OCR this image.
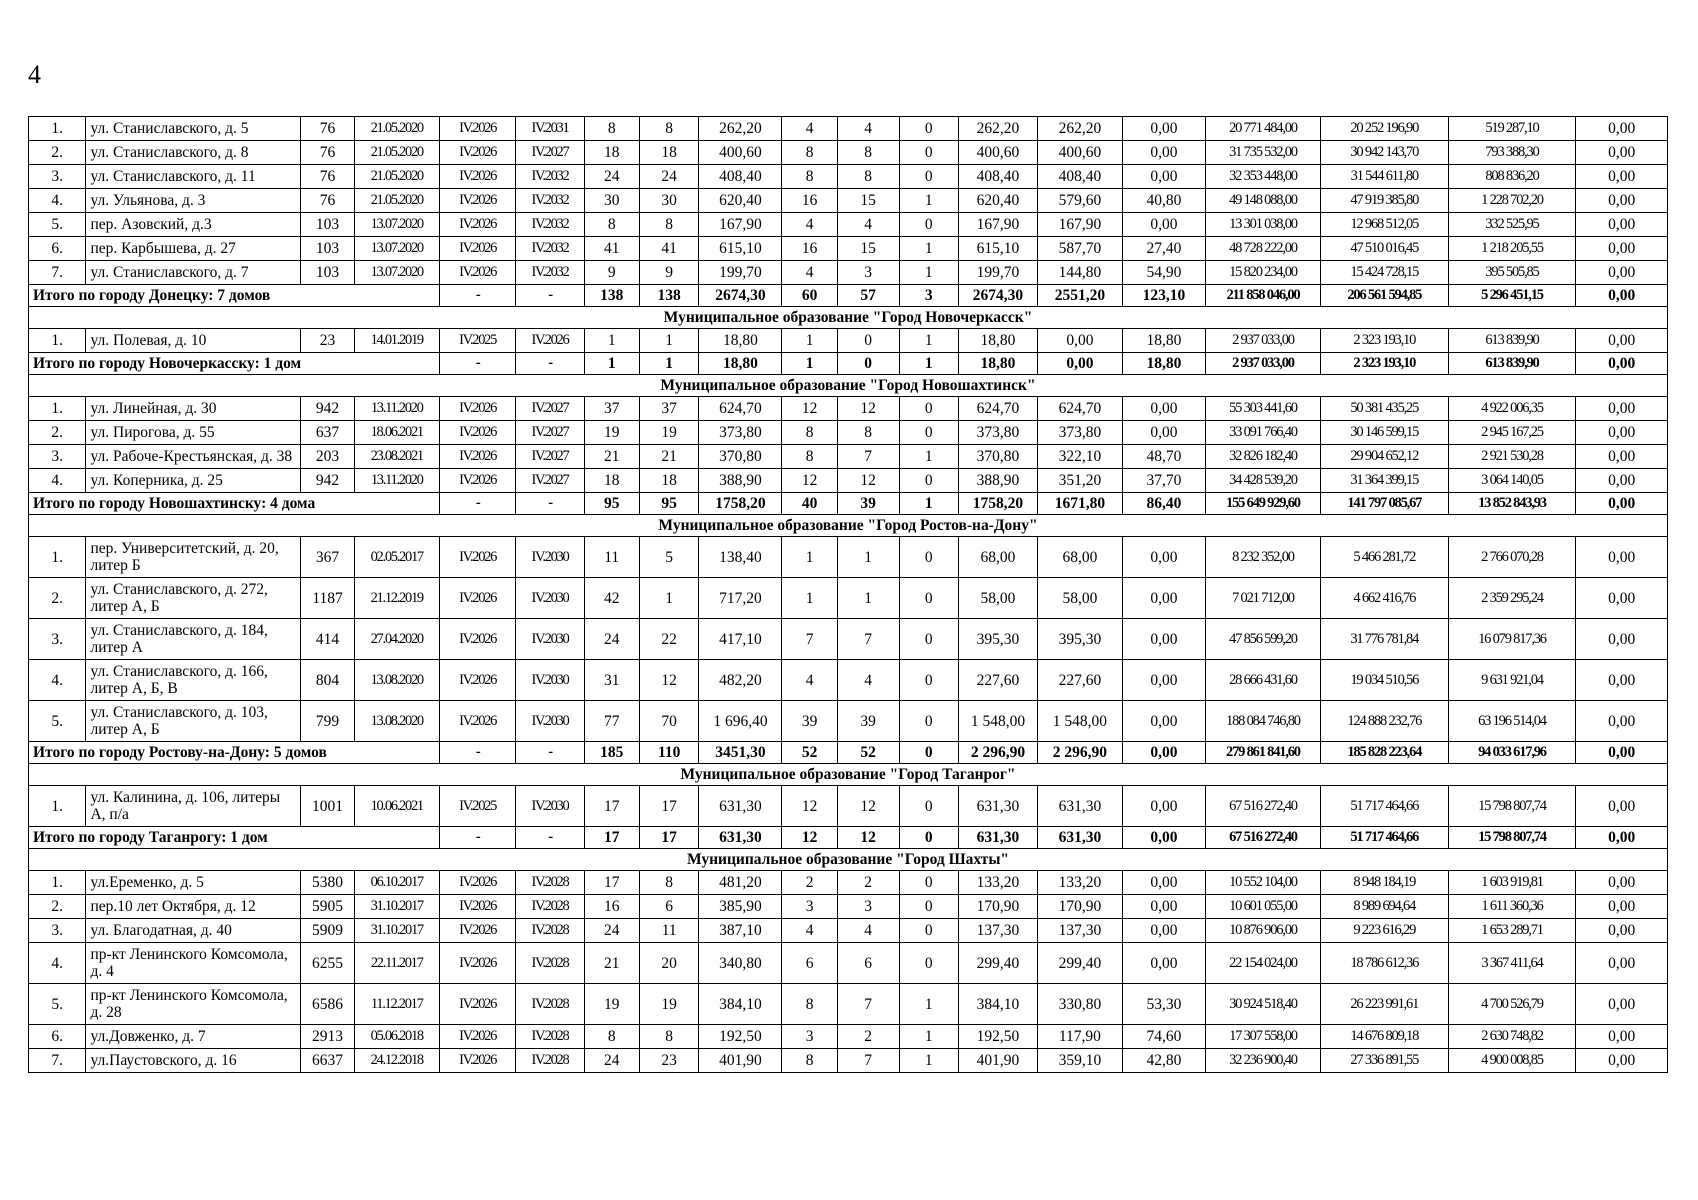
4
1.	ул. Станиславского, д. 5	76	21.05.2020	IV.2026	IV.2031	8	8	262,20	4	4	0	262,20	262,20	0,00	20 771 484,00	20 252 196,90	519 287,10	0,00
2.	ул. Станиславского, д. 8	76	21.05.2020	IV.2026	IV.2027	18	18	400,60	8	8	0	400,60	400,60	0,00	31 735 532,00	30 942 143,70	793 388,30	0,00
3.	ул. Станиславского, д. 11	76	21.05.2020	IV.2026	IV.2032	24	24	408,40	8	8	0	408,40	408,40	0,00	32 353 448,00	31 544 611,80	808 836,20	0,00
4.	ул. Ульянова, д. 3	76	21.05.2020	IV.2026	IV.2032	30	30	620,40	16	15	1	620,40	579,60	40,80	49 148 088,00	47 919 385,80	1 228 702,20	0,00
5.	пер. Азовский, д.3	103	13.07.2020	IV.2026	IV.2032	8	8	167,90	4	4	0	167,90	167,90	0,00	13 301 038,00	12 968 512,05	332 525,95	0,00
6.	пер. Карбышева, д. 27	103	13.07.2020	IV.2026	IV.2032	41	41	615,10	16	15	1	615,10	587,70	27,40	48 728 222,00	47 510 016,45	1 218 205,55	0,00
7.	ул. Станиславского, д. 7	103	13.07.2020	IV.2026	IV.2032	9	9	199,70	4	3	1	199,70	144,80	54,90	15 820 234,00	15 424 728,15	395 505,85	0,00
Итого по городу Донецку: 7 домов				-	-	138	138	2674,30	60	57	3	2674,30	2551,20	123,10	211 858 046,00	206 561 594,85	5 296 451,15	0,00
Муниципальное образование "Город Новочеркасск"																		
1.	ул. Полевая, д. 10	23	14.01.2019	IV.2025	IV.2026	1	1	18,80	1	0	1	18,80	0,00	18,80	2 937 033,00	2 323 193,10	613 839,90	0,00
Итого по городу Новочеркасску: 1 дом				-	-	1	1	18,80	1	0	1	18,80	0,00	18,80	2 937 033,00	2 323 193,10	613 839,90	0,00
Муниципальное образование "Город Новошахтинск"																		
1.	ул. Линейная, д. 30	942	13.11.2020	IV.2026	IV.2027	37	37	624,70	12	12	0	624,70	624,70	0,00	55 303 441,60	50 381 435,25	4 922 006,35	0,00
2.	ул. Пирогова, д. 55	637	18.06.2021	IV.2026	IV.2027	19	19	373,80	8	8	0	373,80	373,80	0,00	33 091 766,40	30 146 599,15	2 945 167,25	0,00
3.	ул. Рабоче-Крестьянская, д. 38	203	23.08.2021	IV.2026	IV.2027	21	21	370,80	8	7	1	370,80	322,10	48,70	32 826 182,40	29 904 652,12	2 921 530,28	0,00
4.	ул. Коперника, д. 25	942	13.11.2020	IV.2026	IV.2027	18	18	388,90	12	12	0	388,90	351,20	37,70	34 428 539,20	31 364 399,15	3 064 140,05	0,00
Итого по городу Новошахтинску: 4 дома				-	-	95	95	1758,20	40	39	1	1758,20	1671,80	86,40	155 649 929,60	141 797 085,67	13 852 843,93	0,00
Муниципальное образование "Город Ростов-на-Дону"																		
1.	пер. Университетский, д. 20, литер Б	367	02.05.2017	IV.2026	IV.2030	11	5	138,40	1	1	0	68,00	68,00	0,00	8 232 352,00	5 466 281,72	2 766 070,28	0,00
2.	ул. Станиславского, д. 272, литер А, Б	1187	21.12.2019	IV.2026	IV.2030	42	1	717,20	1	1	0	58,00	58,00	0,00	7 021 712,00	4 662 416,76	2 359 295,24	0,00
3.	ул. Станиславского, д. 184, литер А	414	27.04.2020	IV.2026	IV.2030	24	22	417,10	7	7	0	395,30	395,30	0,00	47 856 599,20	31 776 781,84	16 079 817,36	0,00
4.	ул. Станиславского, д. 166, литер А, Б, В	804	13.08.2020	IV.2026	IV.2030	31	12	482,20	4	4	0	227,60	227,60	0,00	28 666 431,60	19 034 510,56	9 631 921,04	0,00
5.	ул. Станиславского, д. 103, литер А, Б	799	13.08.2020	IV.2026	IV.2030	77	70	1 696,40	39	39	0	1 548,00	1 548,00	0,00	188 084 746,80	124 888 232,76	63 196 514,04	0,00
Итого по городу Ростову-на-Дону: 5 домов				-	-	185	110	3451,30	52	52	0	2 296,90	2 296,90	0,00	279 861 841,60	185 828 223,64	94 033 617,96	0,00
Муниципальное образование "Город Таганрог"																		
1.	ул. Калинина, д. 106, литеры А, п/а	1001	10.06.2021	IV.2025	IV.2030	17	17	631,30	12	12	0	631,30	631,30	0,00	67 516 272,40	51 717 464,66	15 798 807,74	0,00
Итого по городу Таганрогу: 1 дом				-	-	17	17	631,30	12	12	0	631,30	631,30	0,00	67 516 272,40	51 717 464,66	15 798 807,74	0,00
Муниципальное образование "Город Шахты"																		
1.	ул.Еременко, д. 5	5380	06.10.2017	IV.2026	IV.2028	17	8	481,20	2	2	0	133,20	133,20	0,00	10 552 104,00	8 948 184,19	1 603 919,81	0,00
2.	пер.10 лет Октября, д. 12	5905	31.10.2017	IV.2026	IV.2028	16	6	385,90	3	3	0	170,90	170,90	0,00	10 601 055,00	8 989 694,64	1 611 360,36	0,00
3.	ул. Благодатная, д. 40	5909	31.10.2017	IV.2026	IV.2028	24	11	387,10	4	4	0	137,30	137,30	0,00	10 876 906,00	9 223 616,29	1 653 289,71	0,00
4.	пр-кт Ленинского Комсомола, д. 4	6255	22.11.2017	IV.2026	IV.2028	21	20	340,80	6	6	0	299,40	299,40	0,00	22 154 024,00	18 786 612,36	3 367 411,64	0,00
5.	пр-кт Ленинского Комсомола, д. 28	6586	11.12.2017	IV.2026	IV.2028	19	19	384,10	8	7	1	384,10	330,80	53,30	30 924 518,40	26 223 991,61	4 700 526,79	0,00
6.	ул.Довженко, д. 7	2913	05.06.2018	IV.2026	IV.2028	8	8	192,50	3	2	1	192,50	117,90	74,60	17 307 558,00	14 676 809,18	2 630 748,82	0,00
7.	ул.Паустовского, д. 16	6637	24.12.2018	IV.2026	IV.2028	24	23	401,90	8	7	1	401,90	359,10	42,80	32 236 900,40	27 336 891,55	4 900 008,85	0,00
